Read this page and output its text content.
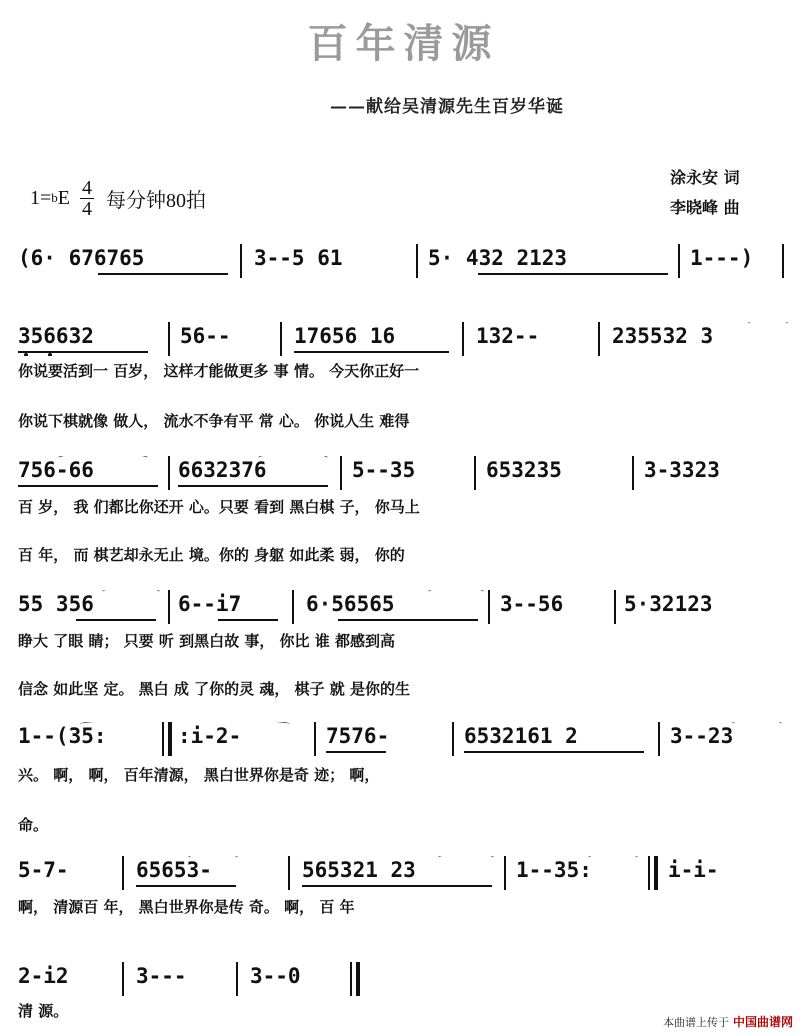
百年清源
——献给吴清源先生百岁华诞
1= b E 4
4 每分钟80拍
涂永安 词
李晓峰 曲
(6· 676765	3--5 61	5· 432 2123	1---)
356632	56--	17656 16	132--	235532 3
你说要活到一 百岁， 这样才能做更多 事 情。 今天你正好一
你说下棋就像 做人， 流水不争有平 常 心。 你说人生 难得
756-66	6632376	5--35	653235	3-3323
百 岁， 我 们都比你还开 心。只要 看到 黑白棋 子， 你马上
百 年， 而 棋艺却永无止 境。你的 身躯 如此柔 弱， 你的
55 356	6--i7	6·56565	3--56	5·32123
睁大 了眼 睛； 只要 听 到黑白故 事， 你比 谁 都感到高
信念 如此坚 定。 黑白 成 了你的灵 魂， 棋子 就 是你的生
1--(35:	:i-2-	7576-	6532161 2	3--23
兴。 啊， 啊， 百年清源， 黑白世界你是奇 迹； 啊，
命。
5-7-	65653-	565321 23	1--35:	i-i-
啊， 清源百 年， 黑白世界你是传 奇。 啊， 百 年
2-i2	3---	3--0
清 源。
本曲谱上传于 中国曲谱网
